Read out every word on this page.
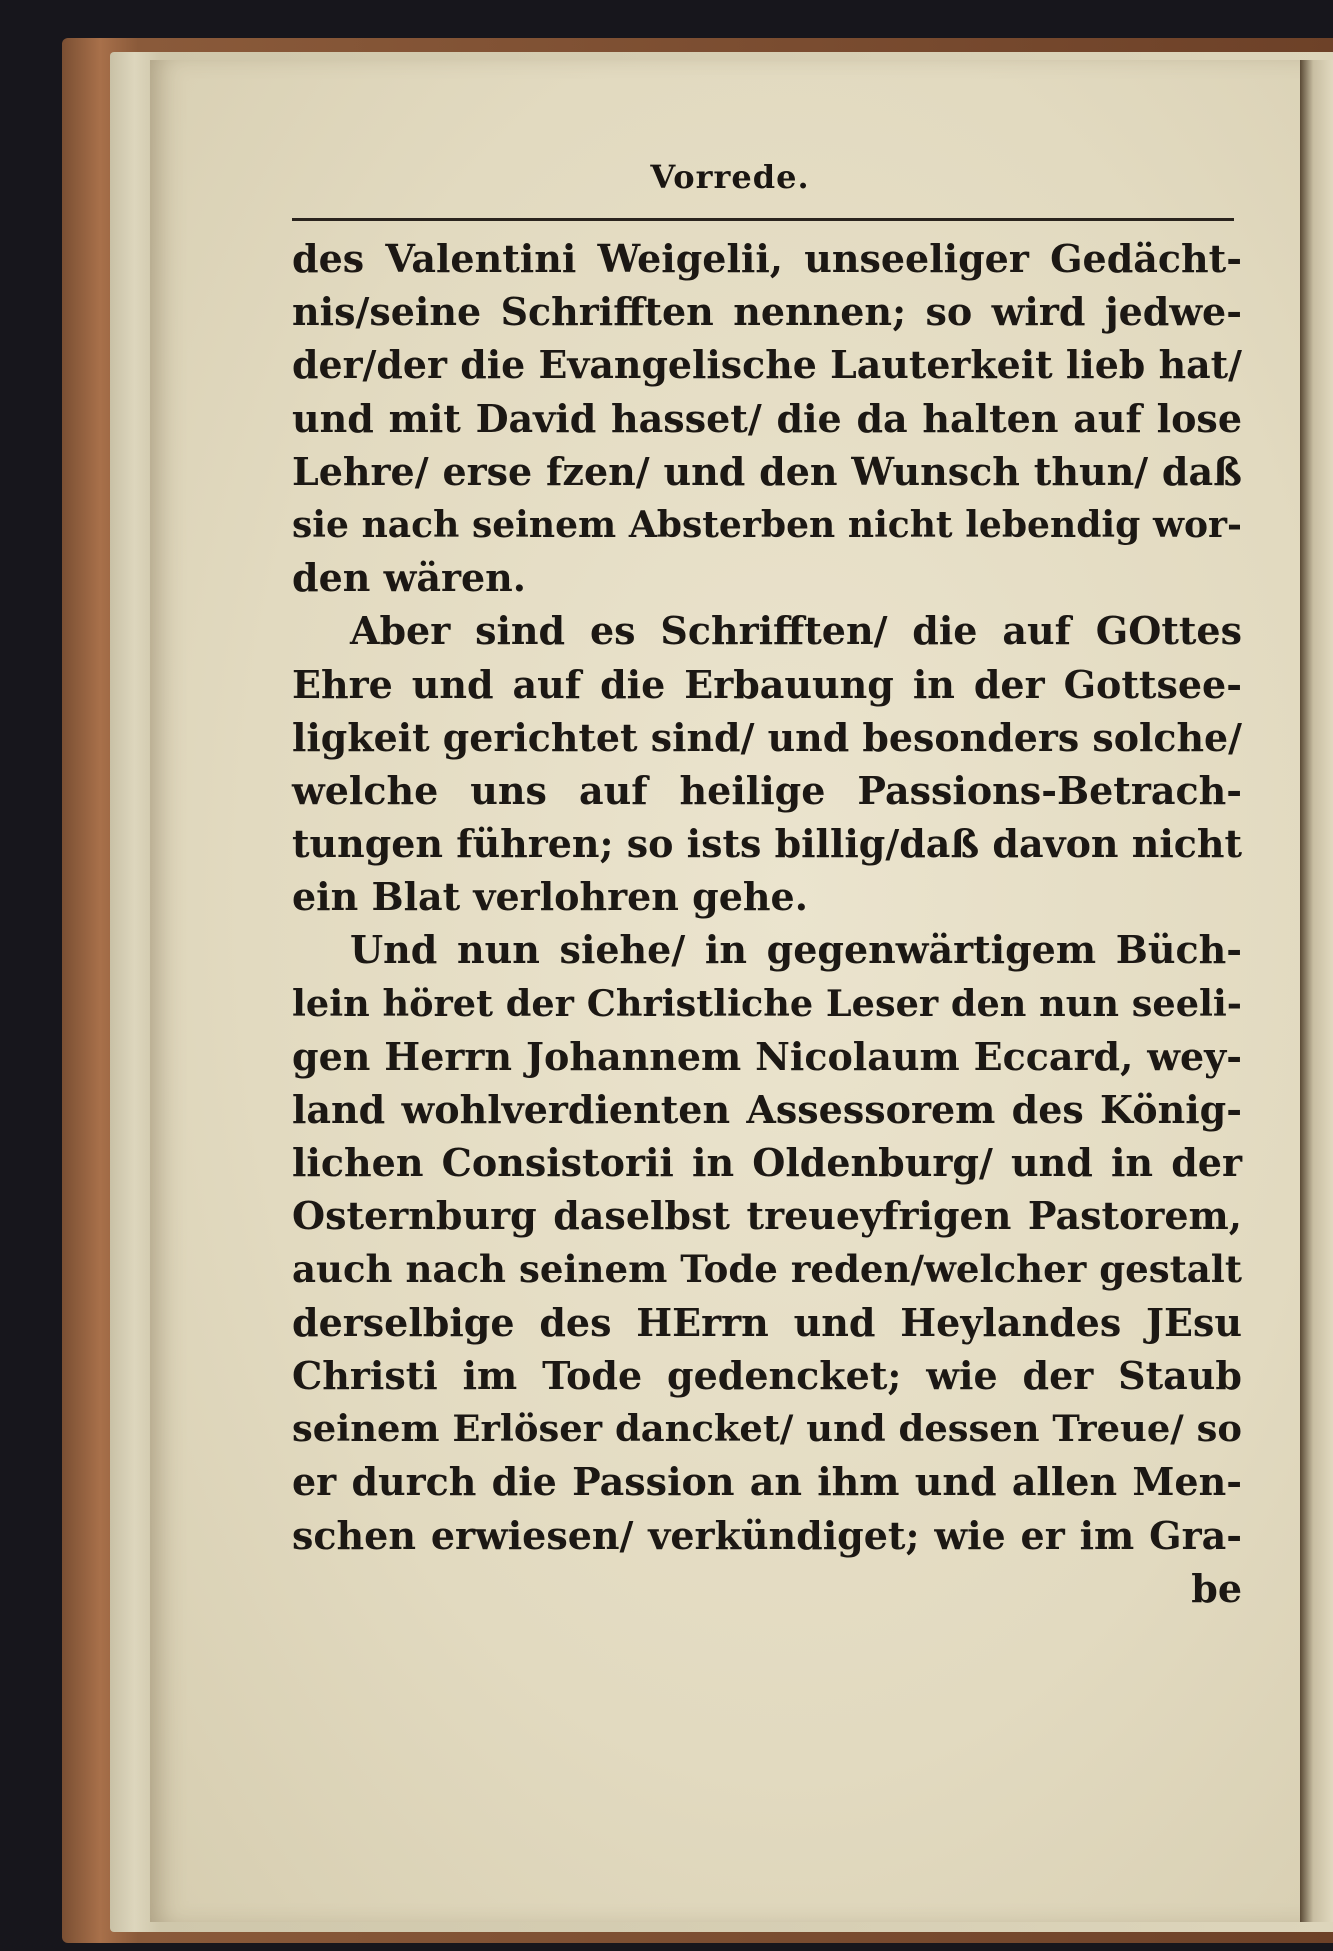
Vorrede.
des Valentini Weigelii, unseeliger Gedächt-
nis/seine Schrifften nennen; so wird jedwe-
der/der die Evangelische Lauterkeit lieb hat/
und mit David hasset/ die da halten auf lose
Lehre/ erse fzen/ und den Wunsch thun/ daß
sie nach seinem Absterben nicht lebendig wor-
den wären.
Aber sind es Schrifften/ die auf GOttes
Ehre und auf die Erbauung in der Gottsee-
ligkeit gerichtet sind/ und besonders solche/
welche uns auf heilige Passions-Betrach-
tungen führen; so ists billig/daß davon nicht
ein Blat verlohren gehe.
Und nun siehe/ in gegenwärtigem Büch-
lein höret der Christliche Leser den nun seeli-
gen Herrn Johannem Nicolaum Eccard, wey-
land wohlverdienten Assessorem des König-
lichen Consistorii in Oldenburg/ und in der
Osternburg daselbst treueyfrigen Pastorem,
auch nach seinem Tode reden/welcher gestalt
derselbige des HErrn und Heylandes JEsu
Christi im Tode gedencket; wie der Staub
seinem Erlöser dancket/ und dessen Treue/ so
er durch die Passion an ihm und allen Men-
schen erwiesen/ verkündiget; wie er im Gra-
be
